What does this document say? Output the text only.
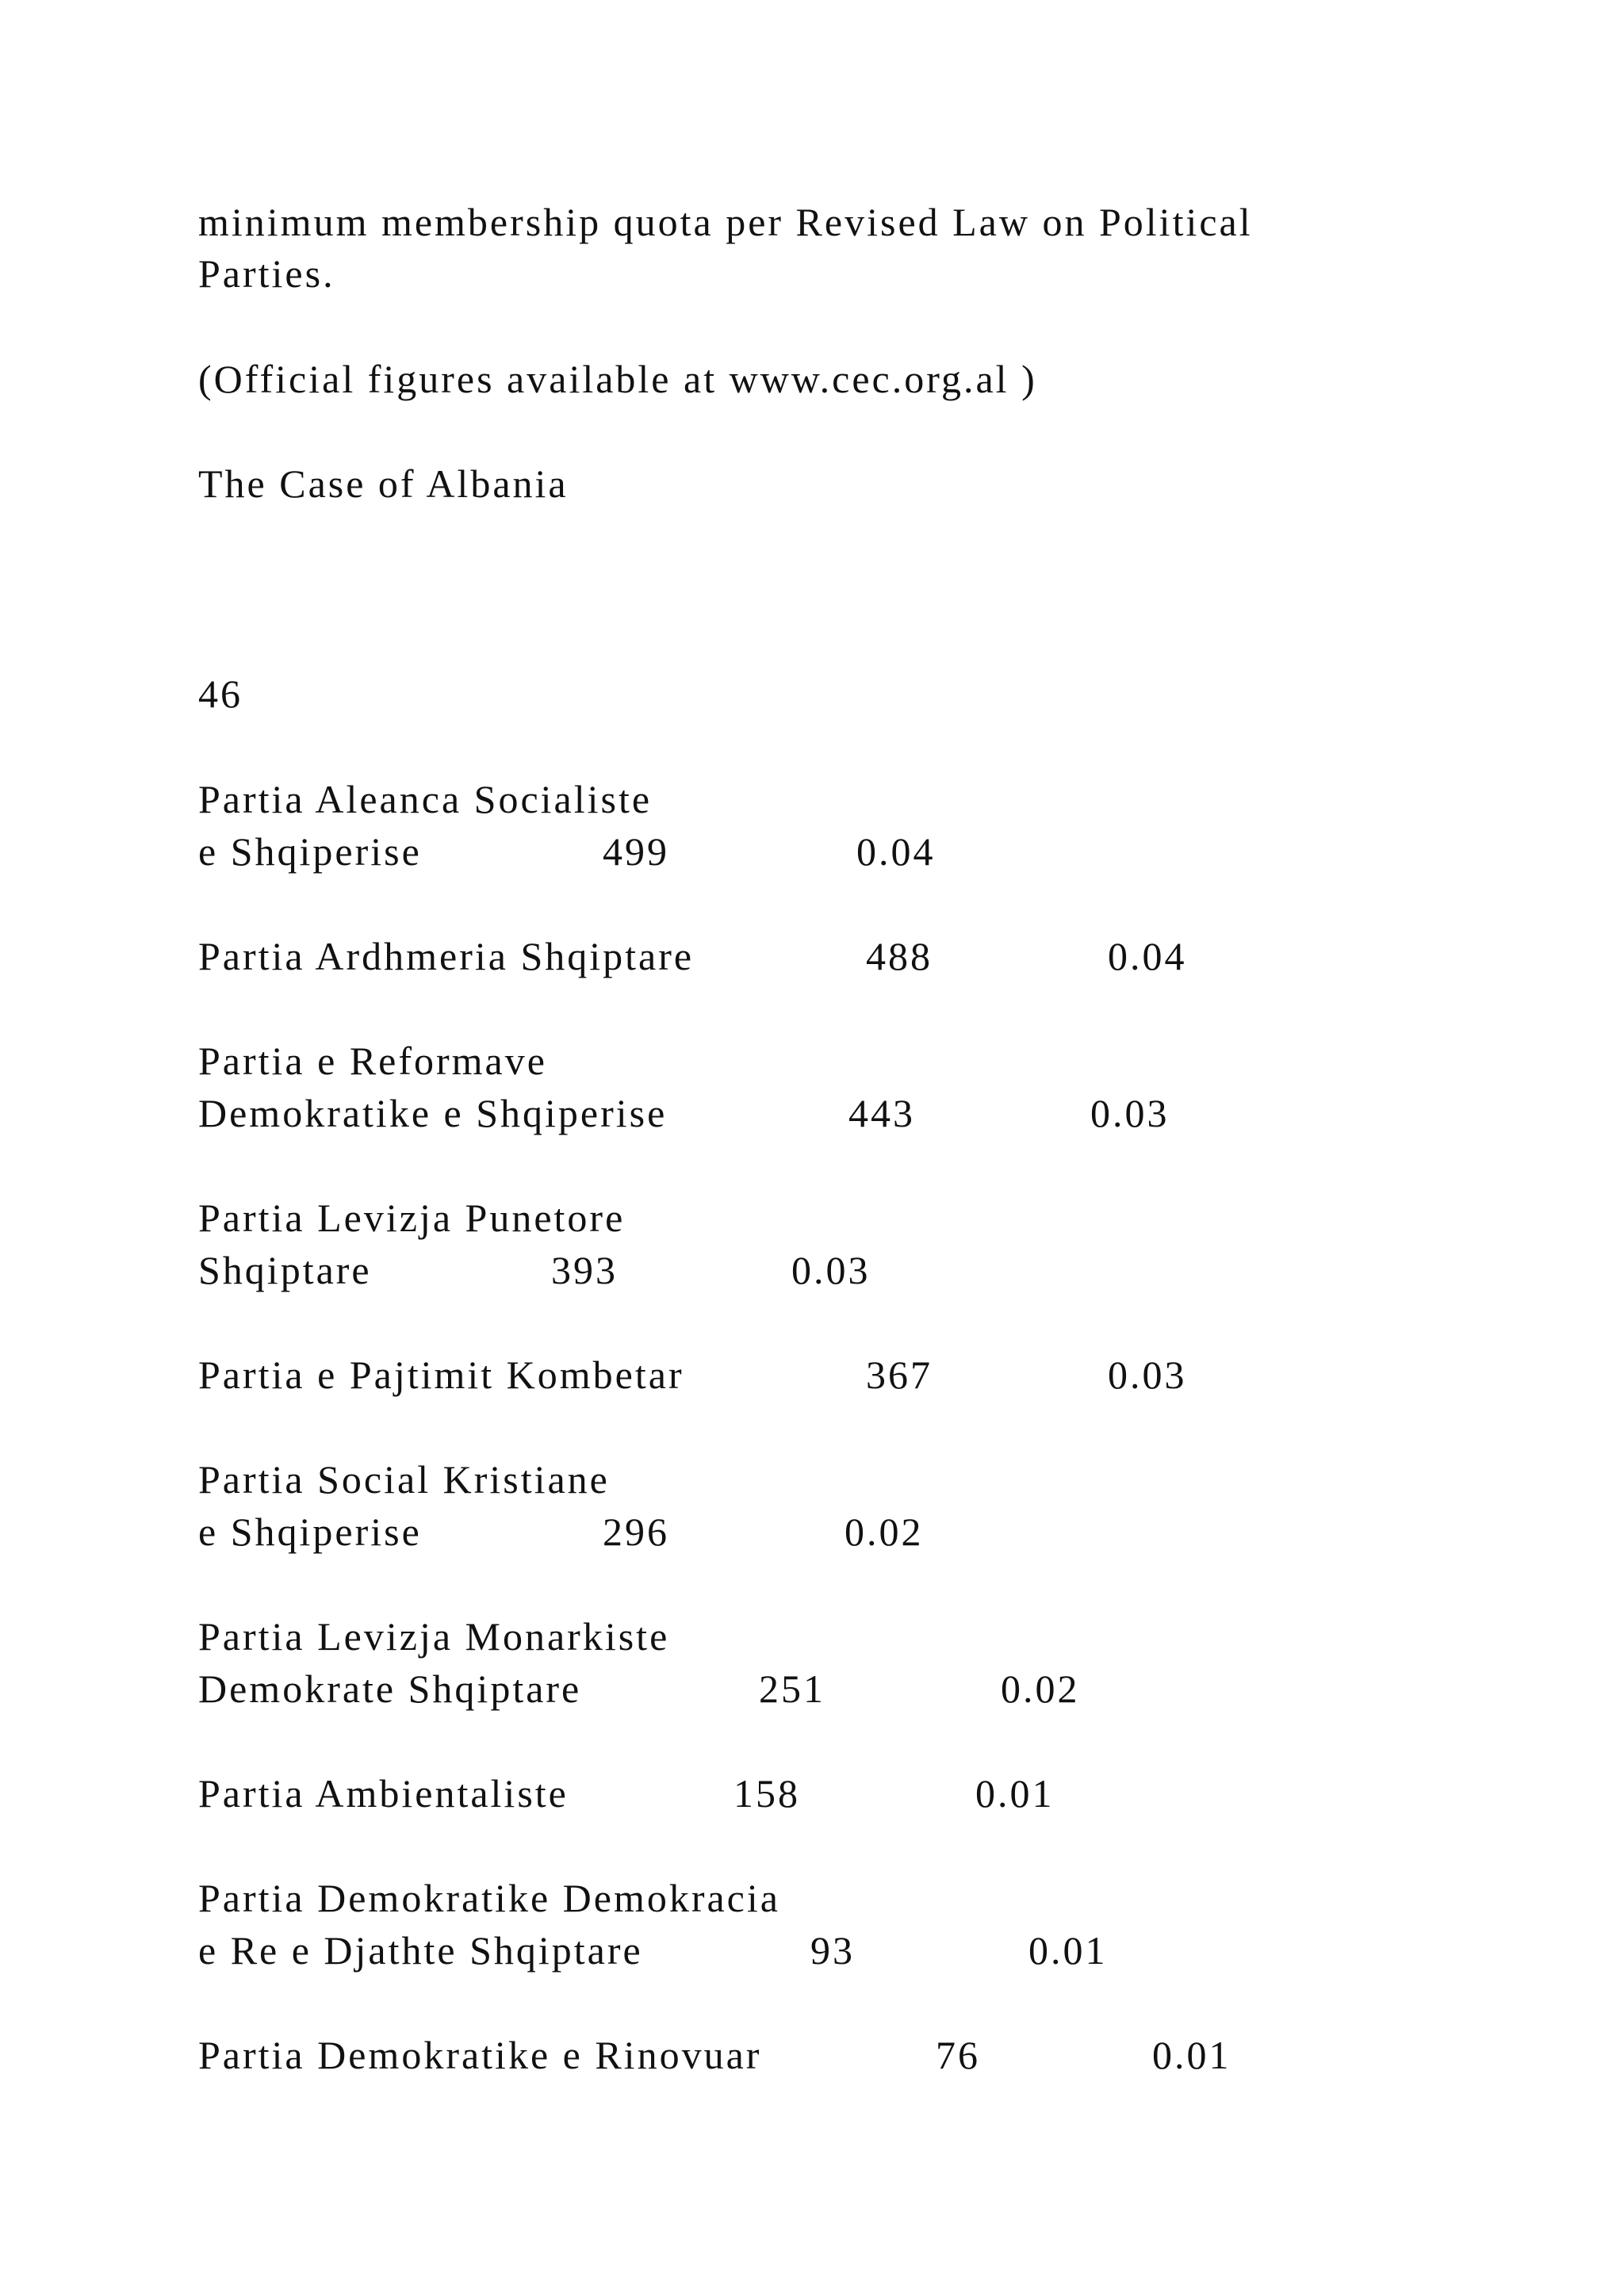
minimum membership quota per Revised Law on Political
Parties.
(Official figures available at www.cec.org.al )
The Case of Albania
46
Partia Aleanca Socialiste
e Shqiperise	499	0.04
Partia Ardhmeria Shqiptare	488	0.04
Partia e Reformave
Demokratike e Shqiperise	443	0.03
Partia Levizja Punetore
Shqiptare	393	0.03
Partia e Pajtimit Kombetar	367	0.03
Partia Social Kristiane
e Shqiperise	296	0.02
Partia Levizja Monarkiste
Demokrate Shqiptare	251	0.02
Partia Ambientaliste	158	0.01
Partia Demokratike Demokracia
e Re e Djathte Shqiptare	93	0.01
Partia Demokratike e Rinovuar	76	0.01
